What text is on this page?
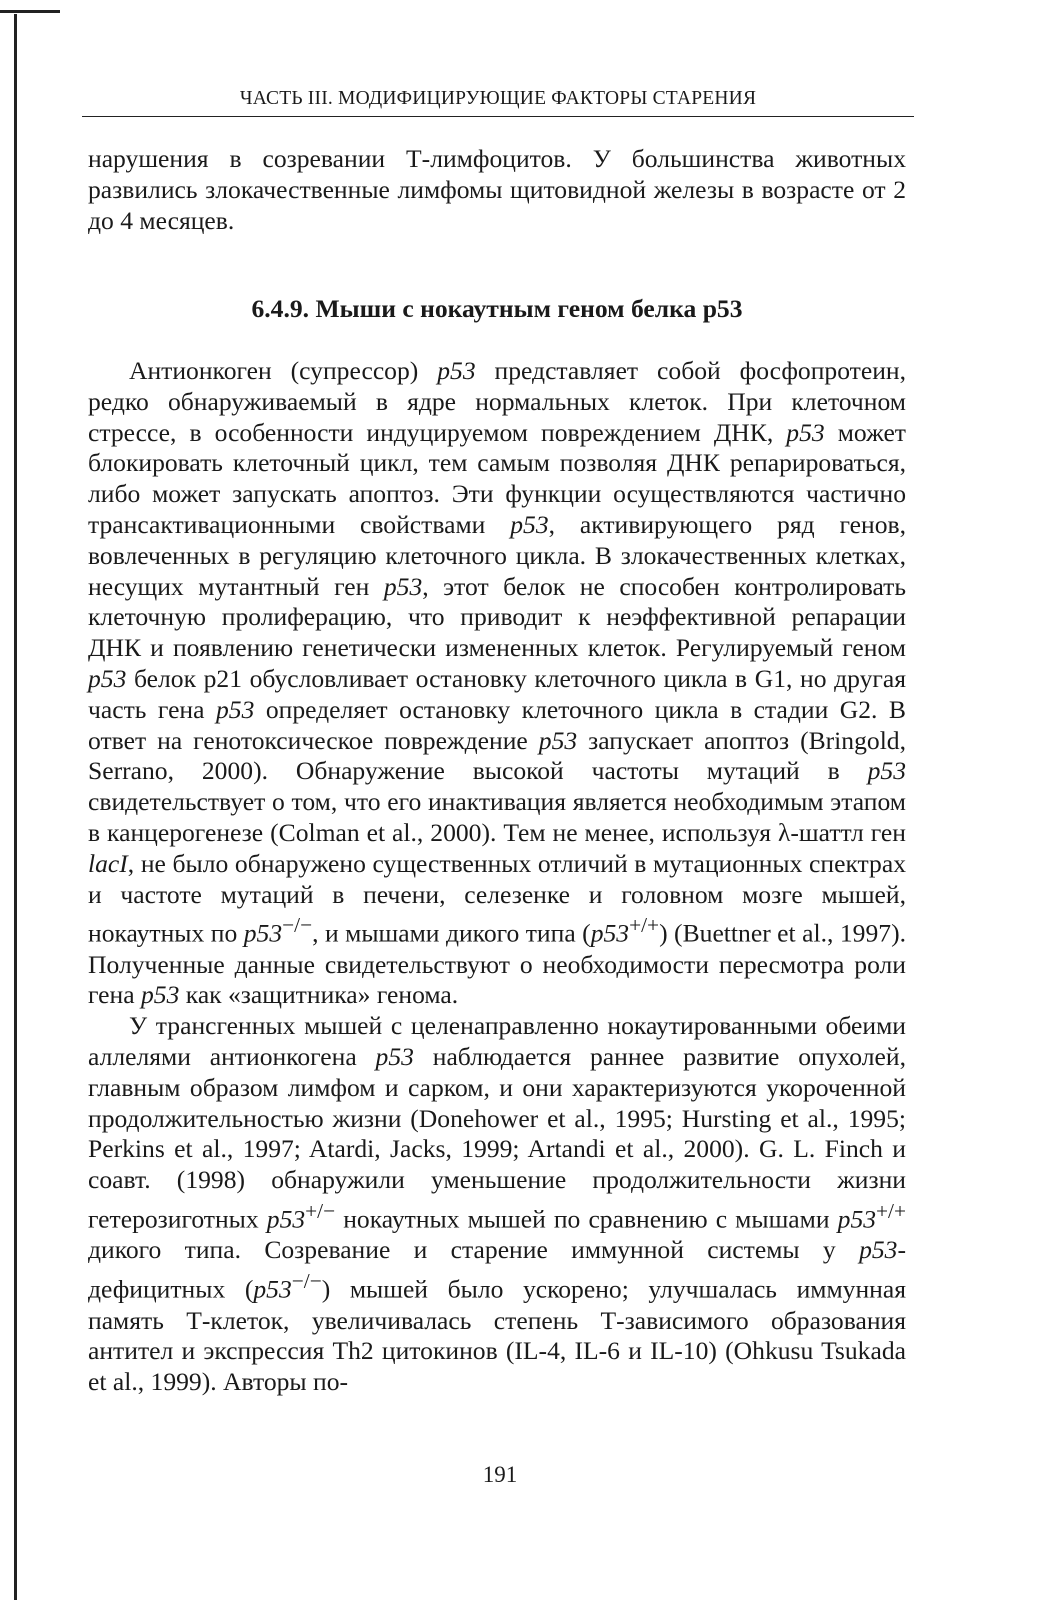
ЧАСТЬ III. МОДИФИЦИРУЮЩИЕ ФАКТОРЫ СТАРЕНИЯ

нарушения в созревании Т-лимфоцитов. У большинства животных развились злокачественные лимфомы щитовидной железы в возрасте от 2 до 4 месяцев.

6.4.9. Мыши с нокаутным геном белка p53

Антионкоген (супрессор) p53 представляет собой фосфопротеин, редко обнаруживаемый в ядре нормальных клеток. При клеточном стрессе, в особенности индуцируемом повреждением ДНК, p53 может блокировать клеточный цикл, тем самым позволяя ДНК репарироваться, либо может запускать апоптоз. Эти функции осуществляются частично трансактивационными свойствами p53, активирующего ряд генов, вовлеченных в регуляцию клеточного цикла. В злокачественных клетках, несущих мутантный ген p53, этот белок не способен контролировать клеточную пролиферацию, что приводит к неэффективной репарации ДНК и появлению генетически измененных клеток. Регулируемый геном p53 белок p21 обусловливает остановку клеточного цикла в G1, но другая часть гена p53 определяет остановку клеточного цикла в стадии G2. В ответ на генотоксическое повреждение p53 запускает апоптоз (Bringold, Serrano, 2000). Обнаружение высокой частоты мутаций в p53 свидетельствует о том, что его инактивация является необходимым этапом в канцерогенезе (Colman et al., 2000). Тем не менее, используя λ-шаттл ген lacI, не было обнаружено существенных отличий в мутационных спектрах и частоте мутаций в печени, селезенке и головном мозге мышей, нокаутных по p53−/−, и мышами дикого типа (p53+/+) (Buettner et al., 1997). Полученные данные свидетельствуют о необходимости пересмотра роли гена p53 как «защитника» генома.

У трансгенных мышей с целенаправленно нокаутированными обеими аллелями антионкогена p53 наблюдается раннее развитие опухолей, главным образом лимфом и сарком, и они характеризуются укороченной продолжительностью жизни (Donehower et al., 1995; Hursting et al., 1995; Perkins et al., 1997; Atardi, Jacks, 1999; Artandi et al., 2000). G. L. Finch и соавт. (1998) обнаружили уменьшение продолжительности жизни гетерозиготных p53+/− нокаутных мышей по сравнению с мышами p53+/+ дикого типа. Созревание и старение иммунной системы у p53-дефицитных (p53−/−) мышей было ускорено; улучшалась иммунная память Т-клеток, увеличивалась степень Т-зависимого образования антител и экспрессия Th2 цитокинов (IL-4, IL-6 и IL-10) (Ohkusu Tsukada et al., 1999). Авторы по-

191
